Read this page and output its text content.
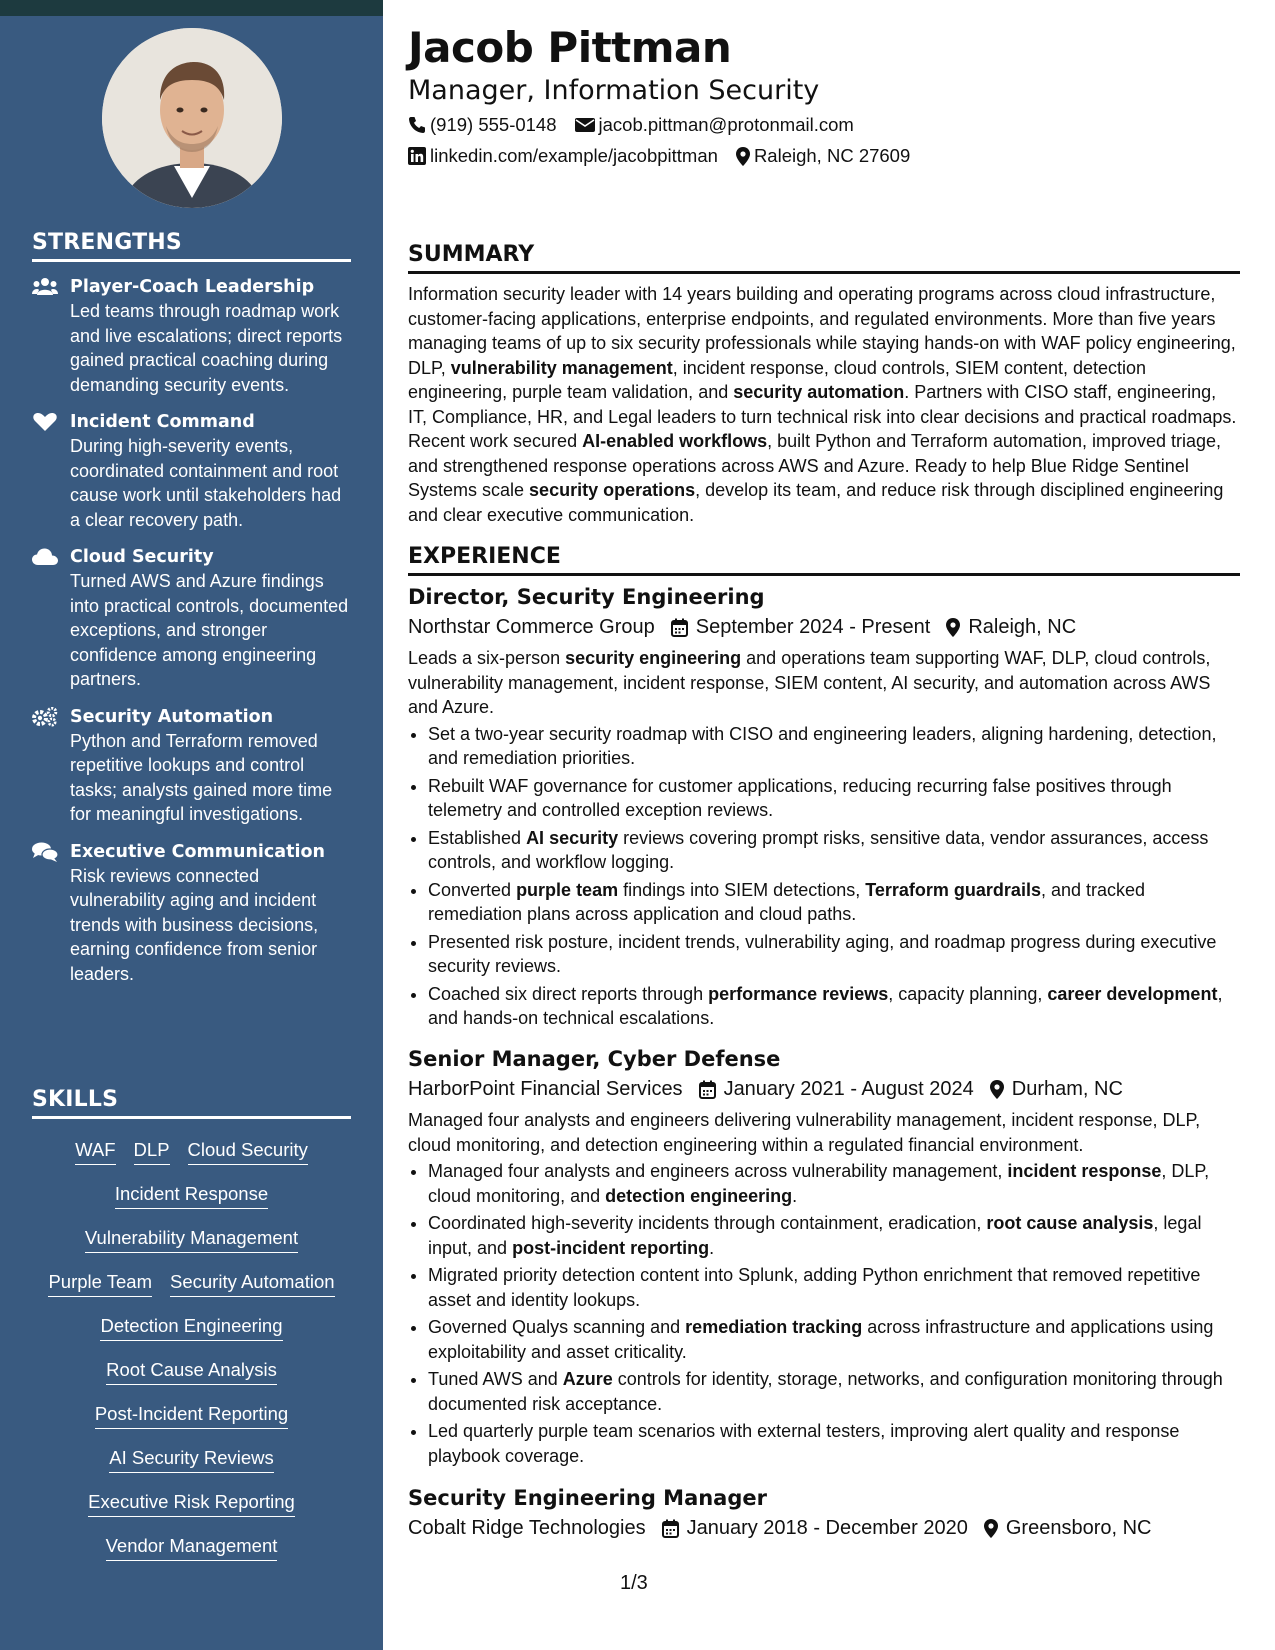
STRENGTHS
Player-Coach Leadership
Led teams through roadmap work and live escalations; direct reports gained practical coaching during demanding security events.
Incident Command
During high-severity events, coordinated containment and root cause work until stakeholders had a clear recovery path.
Cloud Security
Turned AWS and Azure findings into practical controls, documented exceptions, and stronger confidence among engineering partners.
Security Automation
Python and Terraform removed repetitive lookups and control tasks; analysts gained more time for meaningful investigations.
Executive Communication
Risk reviews connected vulnerability aging and incident trends with business decisions, earning confidence from senior leaders.
SKILLS
WAF DLP Cloud Security
Incident Response
Vulnerability Management
Purple Team Security Automation
Detection Engineering
Root Cause Analysis
Post-Incident Reporting
AI Security Reviews
Executive Risk Reporting
Vendor Management
Jacob Pittman
Manager, Information Security
(919) 555-0148 jacob.pittman@protonmail.com
linkedin.com/example/jacobpittman Raleigh, NC 27609
SUMMARY
Information security leader with 14 years building and operating programs across cloud infrastructure, customer-facing applications, enterprise endpoints, and regulated environments. More than five years managing teams of up to six security professionals while staying hands-on with WAF policy engineering, DLP, vulnerability management, incident response, cloud controls, SIEM content, detection engineering, purple team validation, and security automation. Partners with CISO staff, engineering, IT, Compliance, HR, and Legal leaders to turn technical risk into clear decisions and practical roadmaps. Recent work secured AI-enabled workflows, built Python and Terraform automation, improved triage, and strengthened response operations across AWS and Azure. Ready to help Blue Ridge Sentinel Systems scale security operations, develop its team, and reduce risk through disciplined engineering and clear executive communication.
EXPERIENCE
Director, Security Engineering
Northstar Commerce Group September 2024 - Present Raleigh, NC
Leads a six-person security engineering and operations team supporting WAF, DLP, cloud controls, vulnerability management, incident response, SIEM content, AI security, and automation across AWS and Azure.
• Set a two-year security roadmap with CISO and engineering leaders, aligning hardening, detection, and remediation priorities.
• Rebuilt WAF governance for customer applications, reducing recurring false positives through telemetry and controlled exception reviews.
• Established AI security reviews covering prompt risks, sensitive data, vendor assurances, access controls, and workflow logging.
• Converted purple team findings into SIEM detections, Terraform guardrails, and tracked remediation plans across application and cloud paths.
• Presented risk posture, incident trends, vulnerability aging, and roadmap progress during executive security reviews.
• Coached six direct reports through performance reviews, capacity planning, career development, and hands-on technical escalations.
Senior Manager, Cyber Defense
HarborPoint Financial Services January 2021 - August 2024 Durham, NC
Managed four analysts and engineers delivering vulnerability management, incident response, DLP, cloud monitoring, and detection engineering within a regulated financial environment.
• Managed four analysts and engineers across vulnerability management, incident response, DLP, cloud monitoring, and detection engineering.
• Coordinated high-severity incidents through containment, eradication, root cause analysis, legal input, and post-incident reporting.
• Migrated priority detection content into Splunk, adding Python enrichment that removed repetitive asset and identity lookups.
• Governed Qualys scanning and remediation tracking across infrastructure and applications using exploitability and asset criticality.
• Tuned AWS and Azure controls for identity, storage, networks, and configuration monitoring through documented risk acceptance.
• Led quarterly purple team scenarios with external testers, improving alert quality and response playbook coverage.
Security Engineering Manager
Cobalt Ridge Technologies January 2018 - December 2020 Greensboro, NC
1/3
